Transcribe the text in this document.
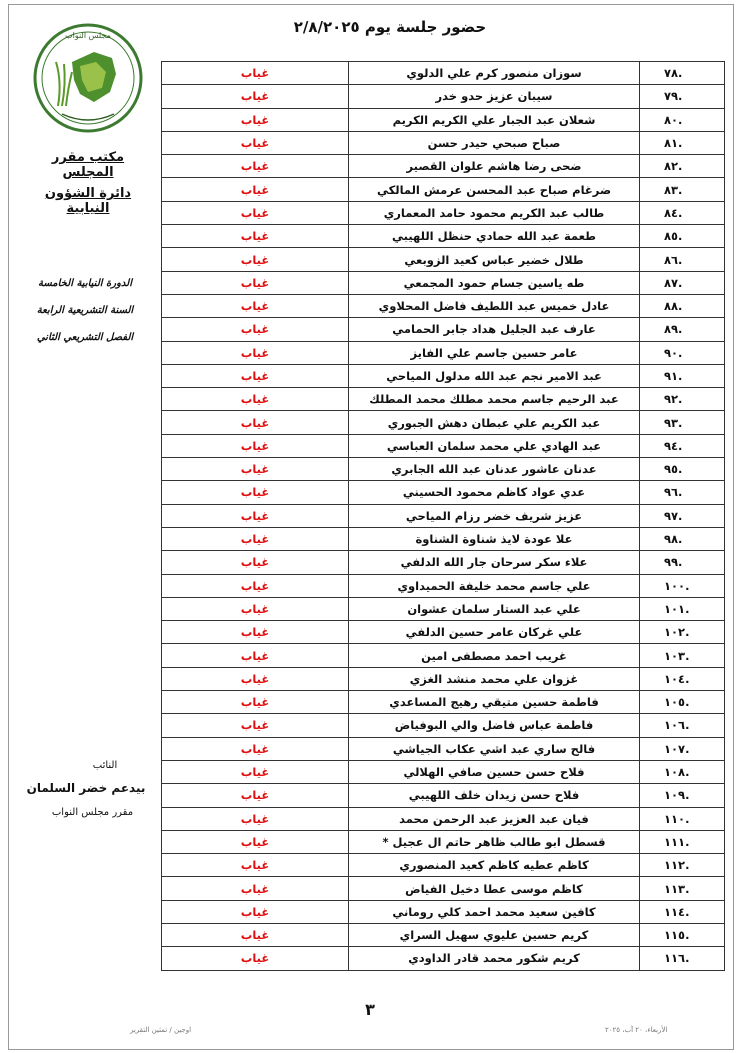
حضور جلسة يوم ٢/٨/٢٠٢٥
مجلس النواب
مكتب مقرر المجلس
دائرة الشؤون النيابية
الدورة النيابية الخامسة
السنة التشريعية الرابعة
الفصل التشريعي الثاني
النائب
بيدعم خضر السلمان
مقرر مجلس النواب
.٧٨	سوزان منصور كرم علي الدلوي	غياب
.٧٩	سيبان عزيز حدو خدر	غياب
.٨٠	شعلان عبد الجبار علي الكريم الكريم	غياب
.٨١	صباح صبحي حيدر حسن	غياب
.٨٢	ضحى رضا هاشم علوان القصير	غياب
.٨٣	ضرغام صباح عبد المحسن عرمش المالكي	غياب
.٨٤	طالب عبد الكريم محمود حامد المعماري	غياب
.٨٥	طعمة عبد الله حمادي حنظل اللهيبي	غياب
.٨٦	طلال خضير عباس كعيد الزوبعي	غياب
.٨٧	طه ياسين جسام حمود المجمعي	غياب
.٨٨	عادل خميس عبد اللطيف فاضل المحلاوي	غياب
.٨٩	عارف عبد الجليل هداد جابر الحمامي	غياب
.٩٠	عامر حسين جاسم علي الفايز	غياب
.٩١	عبد الامير نجم عبد الله مدلول المياحي	غياب
.٩٢	عبد الرحيم جاسم محمد مطلك محمد المطلك	غياب
.٩٣	عبد الكريم علي عبطان دهش الجبوري	غياب
.٩٤	عبد الهادي علي محمد سلمان العباسي	غياب
.٩٥	عدنان عاشور عدنان عبد الله الجابري	غياب
.٩٦	عدي عواد كاظم محمود الحسيني	غياب
.٩٧	عزيز شريف خضر رزام المياحي	غياب
.٩٨	علا عودة لايذ شناوة الشناوة	غياب
.٩٩	علاء سكر سرحان جار الله الدلفي	غياب
.١٠٠	علي جاسم محمد خليفة الحميداوي	غياب
.١٠١	علي عبد الستار سلمان عشوان	غياب
.١٠٢	علي غركان عامر حسين الدلفي	غياب
.١٠٣	غريب احمد مصطفى امين	غياب
.١٠٤	غزوان علي محمد منشد الغزي	غياب
.١٠٥	فاطمة حسين متيقي رهيج المساعدي	غياب
.١٠٦	فاطمة عباس فاضل والي البوفياض	غياب
.١٠٧	فالح ساري عبد اشي عكاب الجياشي	غياب
.١٠٨	فلاح حسن حسين صافي الهلالي	غياب
.١٠٩	فلاح حسن زيدان خلف اللهيبي	غياب
.١١٠	فيان عبد العزيز عبد الرحمن محمد	غياب
.١١١	قسطل ابو طالب ظاهر حاتم ال عجيل *	غياب
.١١٢	كاظم عطيه كاظم كعيد المنصوري	غياب
.١١٣	كاظم موسى عطا دخيل الفياض	غياب
.١١٤	كافين سعيد محمد احمد كلي روماني	غياب
.١١٥	كريم حسين عليوي سهيل السراي	غياب
.١١٦	كريم شكور محمد قادر الداودي	غياب
٣
اوجين / تمثين التقرير	الأربعاء، ٢٠ آب، ٢٠٢٥
